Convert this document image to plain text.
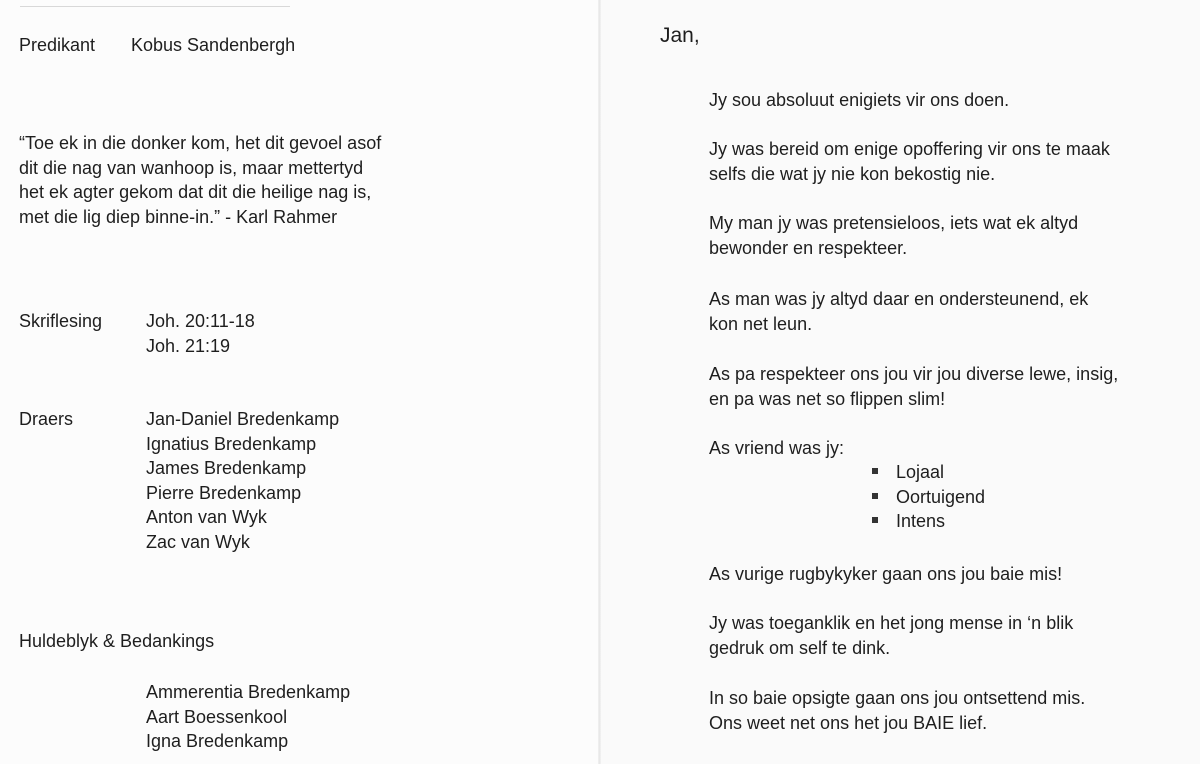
Predikant Kobus Sandenbergh
“Toe ek in die donker kom, het dit gevoel asof
dit die nag van wanhoop is, maar mettertyd
het ek agter gekom dat dit die heilige nag is,
met die lig diep binne-in.” - Karl Rahmer
Skriflesing Joh. 20:11-18
Joh. 21:19
Draers	Jan-Daniel Bredenkamp
Ignatius Bredenkamp
James Bredenkamp
Pierre Bredenkamp
Anton van Wyk
Zac van Wyk
Huldeblyk & Bedankings
Ammerentia Bredenkamp
Aart Boessenkool
Igna Bredenkamp
Jan,
Jy sou absoluut enigiets vir ons doen.
Jy was bereid om enige opoffering vir ons te maak
selfs die wat jy nie kon bekostig nie.
My man jy was pretensieloos, iets wat ek altyd
bewonder en respekteer.
As man was jy altyd daar en ondersteunend, ek
kon net leun.
As pa respekteer ons jou vir jou diverse lewe, insig,
en pa was net so flippen slim!
As vriend was jy:
Lojaal
Oortuigend
Intens
As vurige rugbykyker gaan ons jou baie mis!
Jy was toeganklik en het jong mense in ‘n blik
gedruk om self te dink.
In so baie opsigte gaan ons jou ontsettend mis.
Ons weet net ons het jou BAIE lief.
